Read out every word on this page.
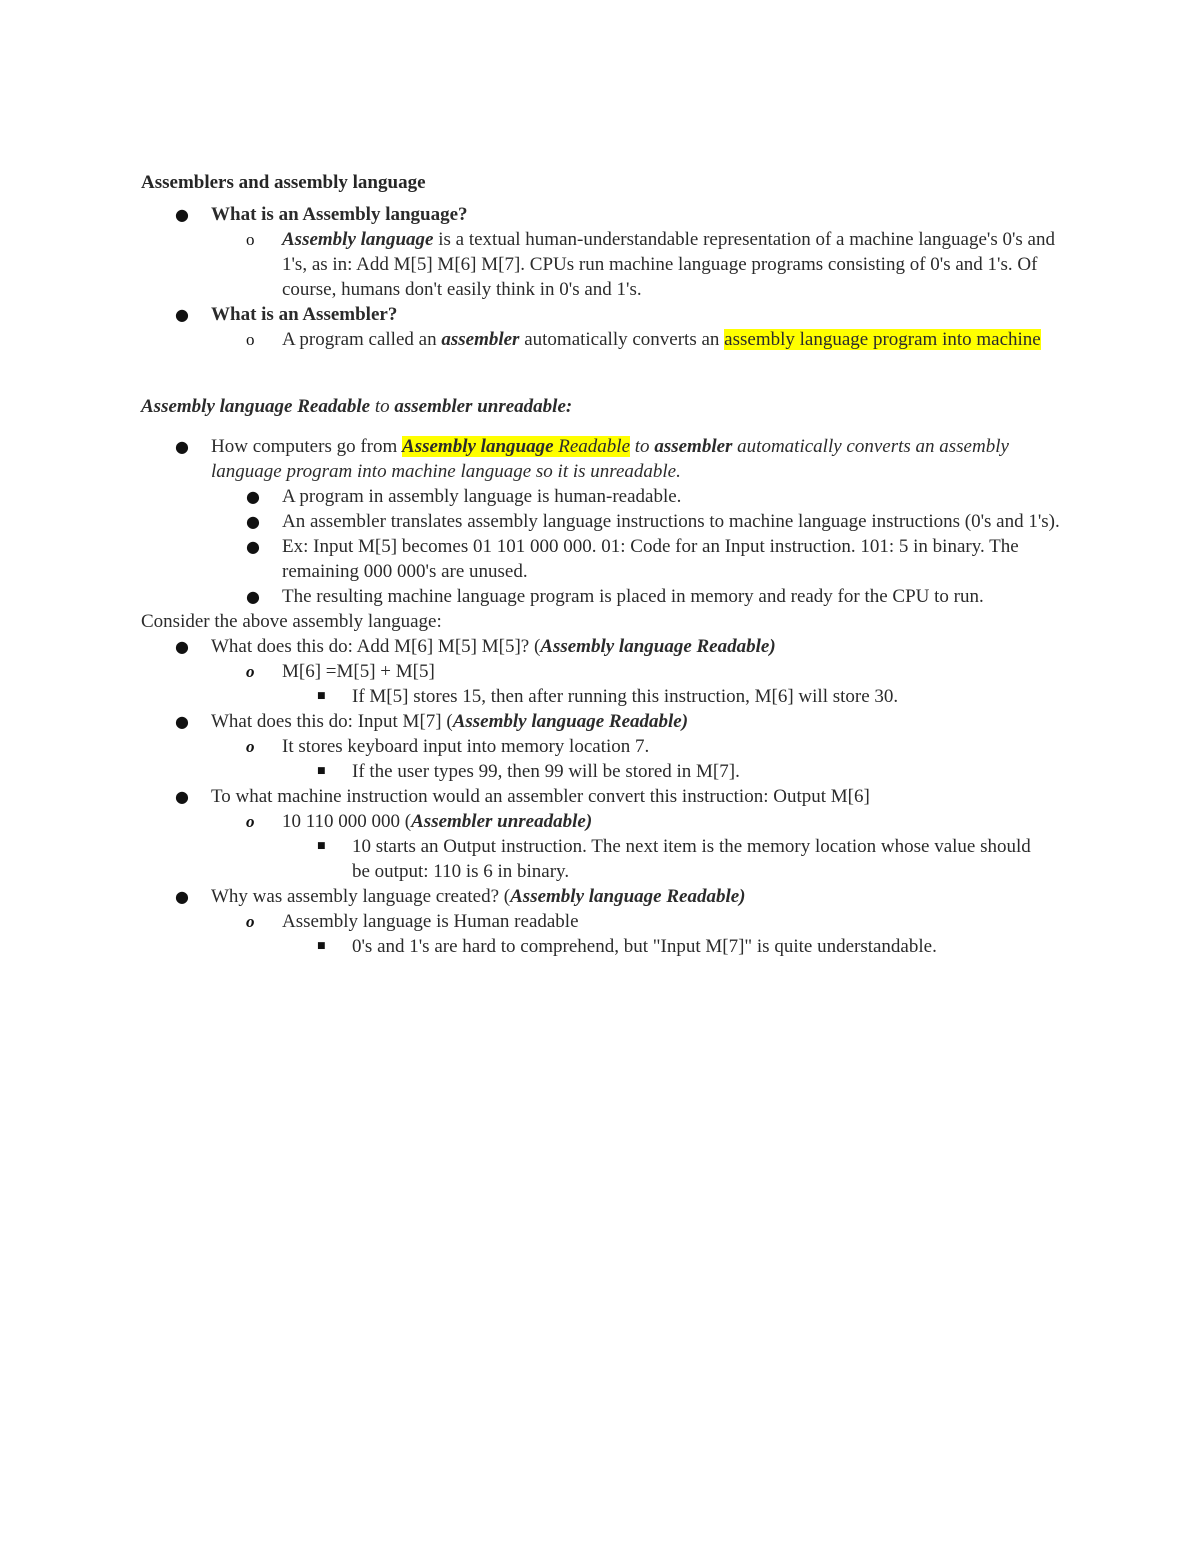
Assemblers and assembly language
● What is an Assembly language?
o Assembly language is a textual human-understandable representation of a machine language's 0's and 1's, as in: Add M[5] M[6] M[7]. CPUs run machine language programs consisting of 0's and 1's. Of course, humans don't easily think in 0's and 1's.
● What is an Assembler?
o A program called an assembler automatically converts an assembly language program into machine
Assembly language Readable to assembler unreadable:
● How computers go from Assembly language Readable to assembler automatically converts an assembly language program into machine language so it is unreadable.
● A program in assembly language is human-readable.
● An assembler translates assembly language instructions to machine language instructions (0's and 1's).
● Ex: Input M[5] becomes 01 101 000 000. 01: Code for an Input instruction. 101: 5 in binary. The remaining 000 000's are unused.
● The resulting machine language program is placed in memory and ready for the CPU to run.
Consider the above assembly language:
● What does this do: Add M[6] M[5] M[5]? (Assembly language Readable)
o M[6] =M[5] + M[5]
■ If M[5] stores 15, then after running this instruction, M[6] will store 30.
● What does this do: Input M[7] (Assembly language Readable)
o It stores keyboard input into memory location 7.
■ If the user types 99, then 99 will be stored in M[7].
● To what machine instruction would an assembler convert this instruction: Output M[6]
o 10 110 000 000 (Assembler unreadable)
■ 10 starts an Output instruction. The next item is the memory location whose value should be output: 110 is 6 in binary.
● Why was assembly language created? (Assembly language Readable)
o Assembly language is Human readable
■ 0's and 1's are hard to comprehend, but "Input M[7]" is quite understandable.
